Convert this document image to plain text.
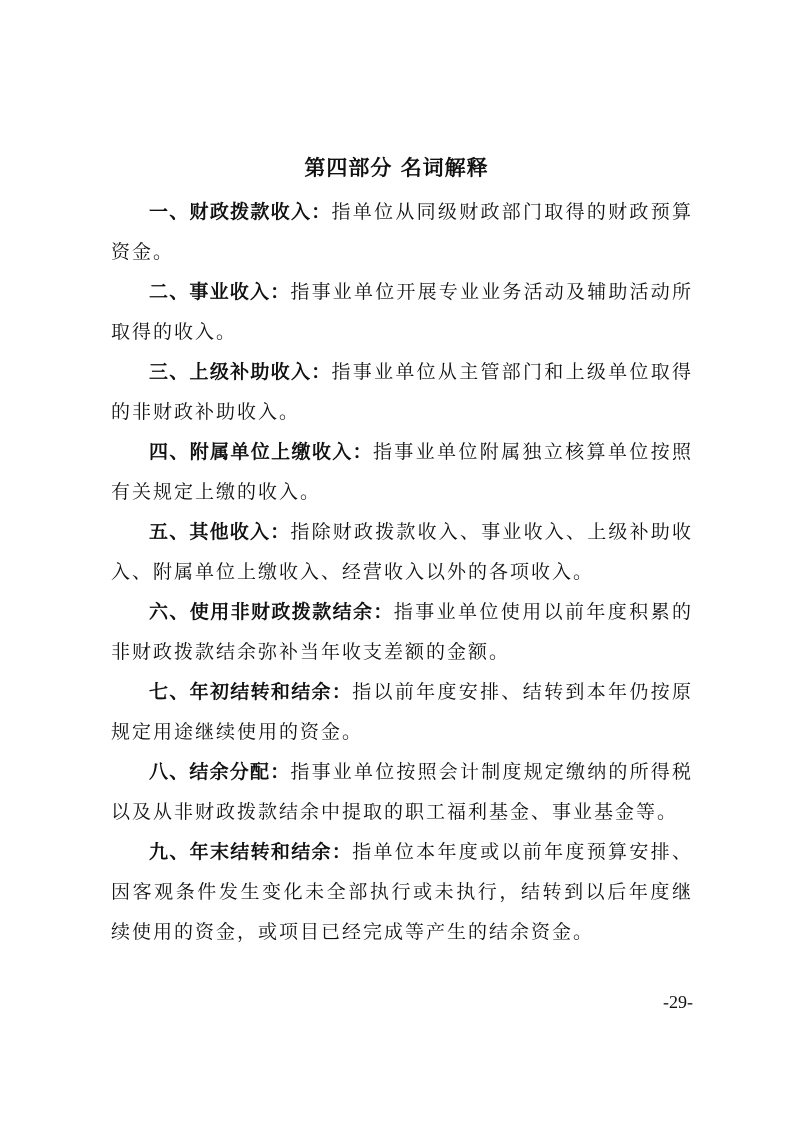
第四部分 名词解释

一、财政拨款收入：指单位从同级财政部门取得的财政预算资金。

二、事业收入：指事业单位开展专业业务活动及辅助活动所取得的收入。

三、上级补助收入：指事业单位从主管部门和上级单位取得的非财政补助收入。

四、附属单位上缴收入：指事业单位附属独立核算单位按照有关规定上缴的收入。

五、其他收入：指除财政拨款收入、事业收入、上级补助收入、附属单位上缴收入、经营收入以外的各项收入。

六、使用非财政拨款结余：指事业单位使用以前年度积累的非财政拨款结余弥补当年收支差额的金额。

七、年初结转和结余：指以前年度安排、结转到本年仍按原规定用途继续使用的资金。

八、结余分配：指事业单位按照会计制度规定缴纳的所得税以及从非财政拨款结余中提取的职工福利基金、事业基金等。

九、年末结转和结余：指单位本年度或以前年度预算安排、因客观条件发生变化未全部执行或未执行，结转到以后年度继续使用的资金，或项目已经完成等产生的结余资金。

-29-
